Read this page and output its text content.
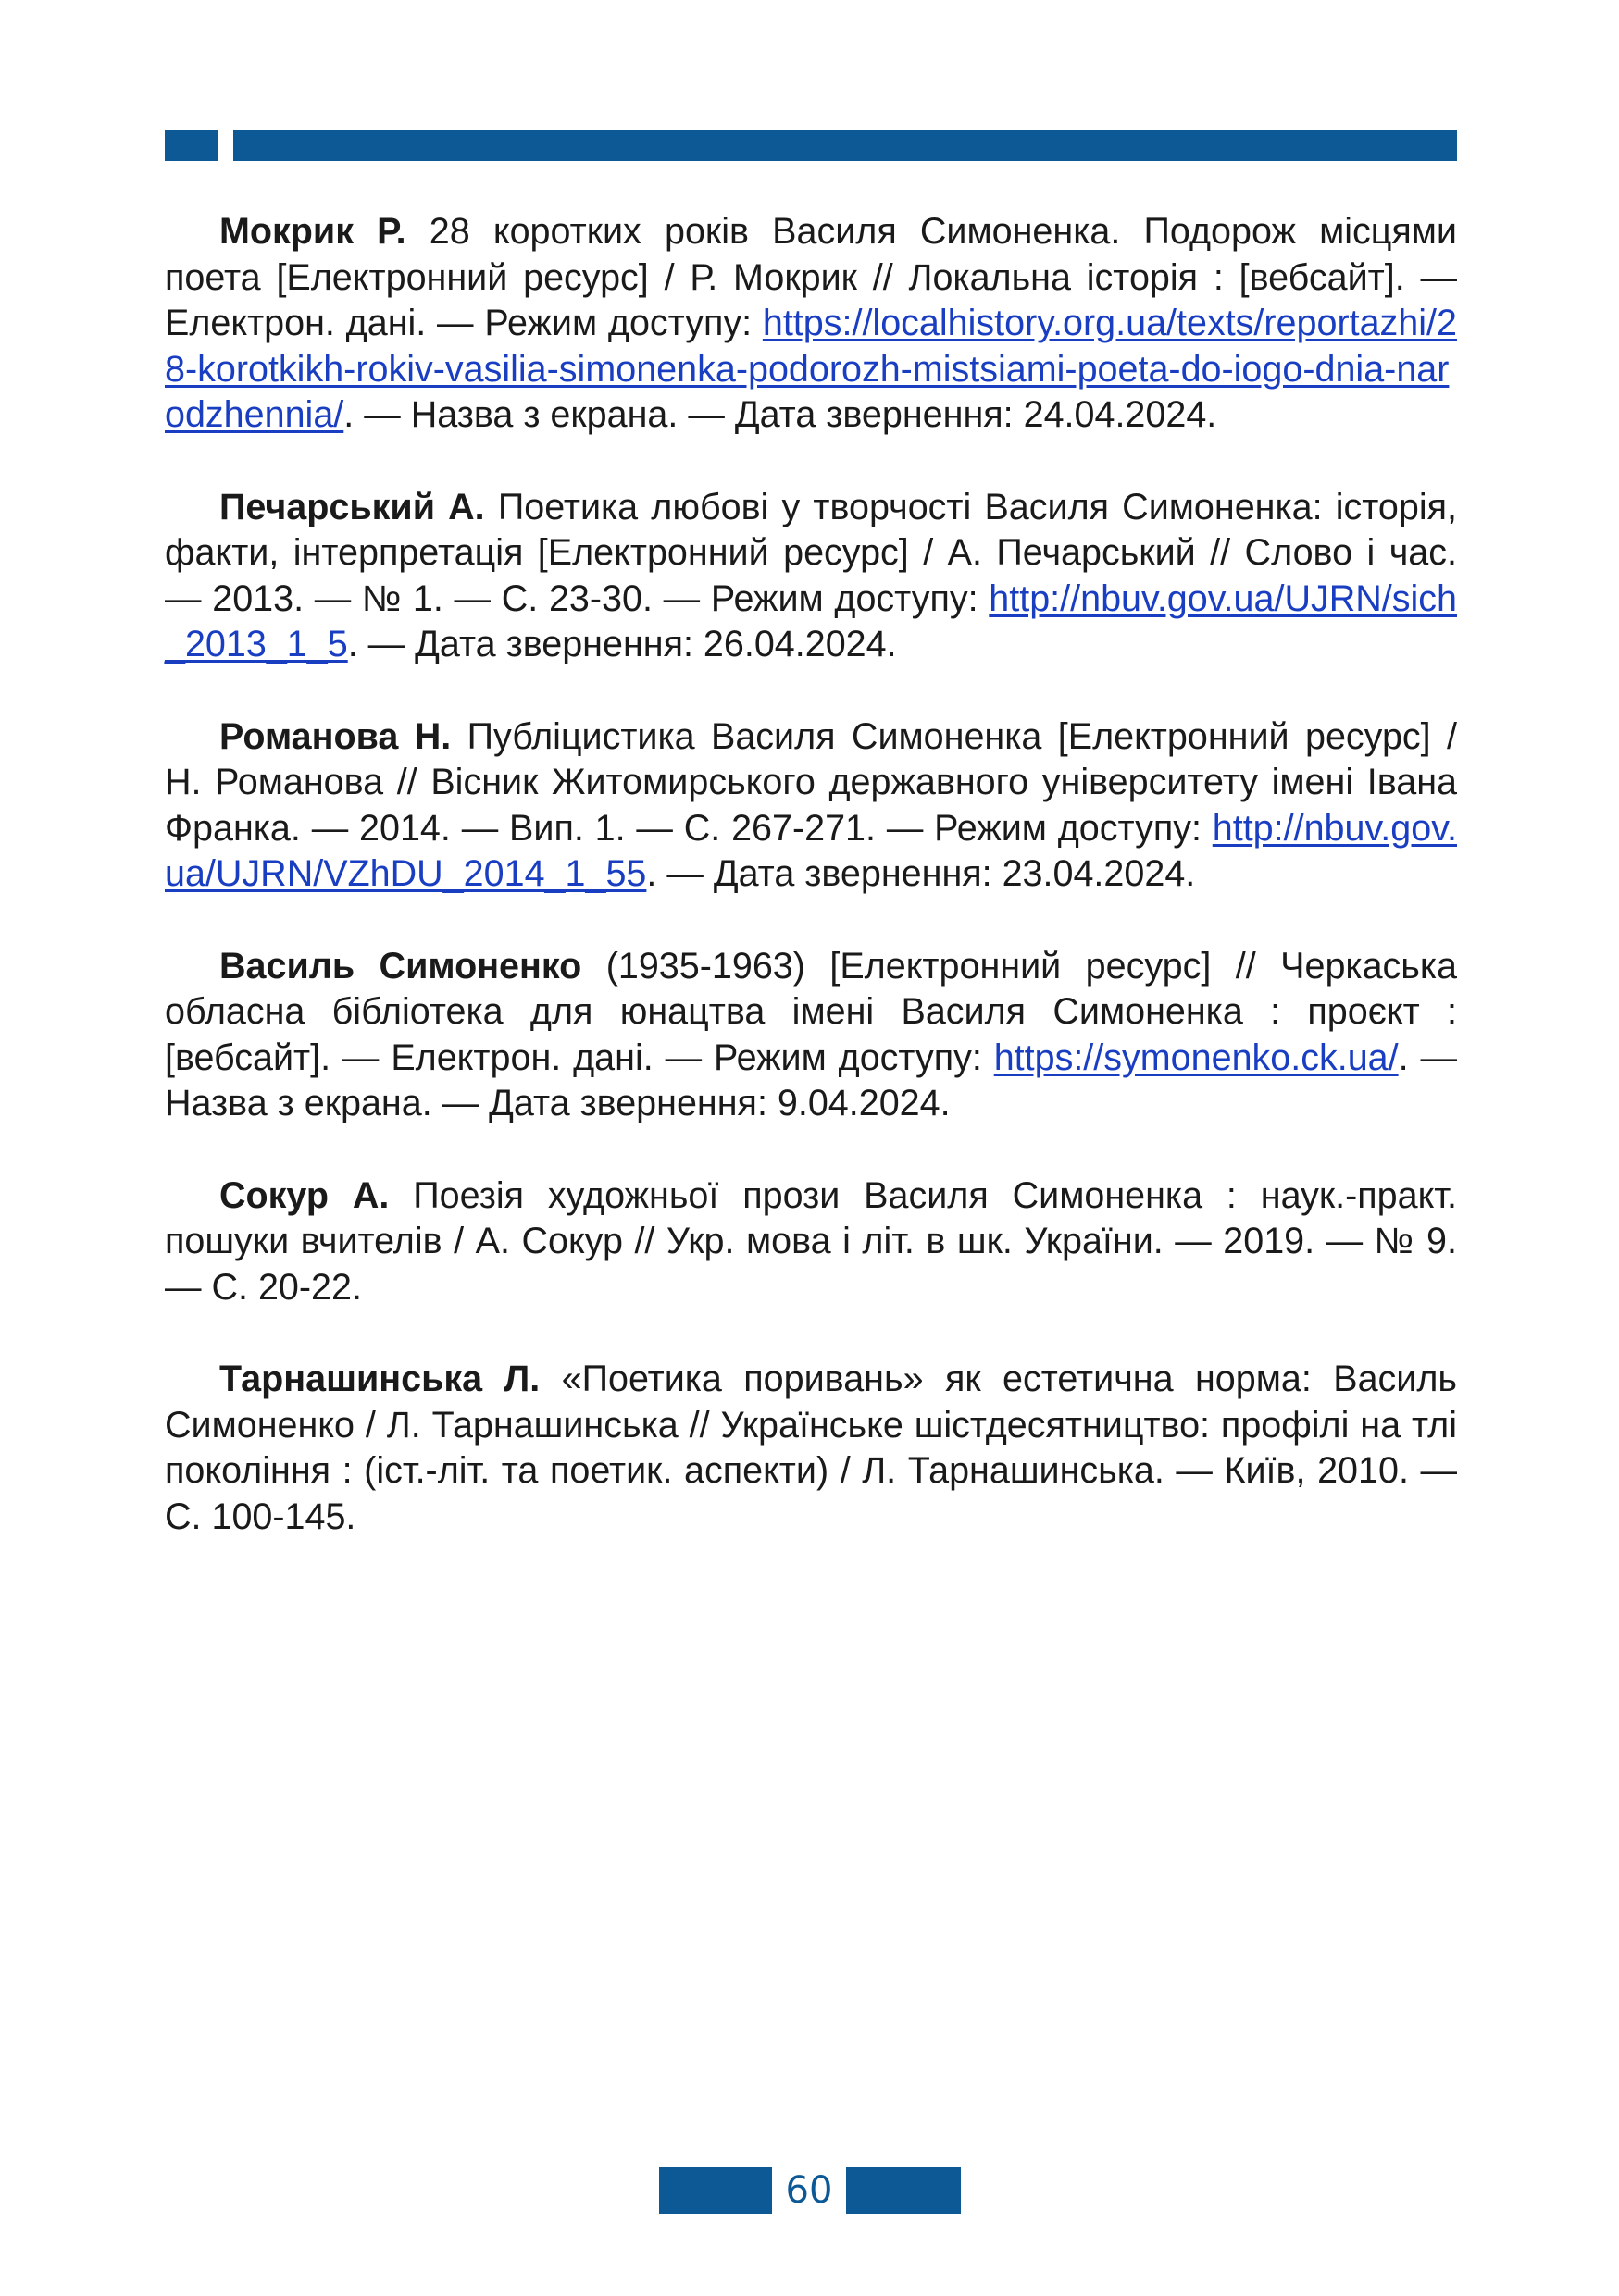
Мокрик Р. 28 коротких років Василя Симоненка. Подорож місцями поета [Електронний ресурс] / Р. Мокрик // Локальна історія : [вебсайт]. — Електрон. дані. — Режим доступу: https://localhistory.org.ua/texts/reportazhi/28-korotkikh-rokiv-vasilia-simonenka-podorozh-mistsiami-poeta-do-iogo-dnia-narodzhennia/. — Назва з екрана. — Дата звернення: 24.04.2024.

Печарський А. Поетика любові у творчості Василя Симоненка: історія, факти, інтерпретація [Електронний ресурс] / А. Печарський // Слово і час. — 2013. — № 1. — С. 23-30. — Режим доступу: http://nbuv.gov.ua/UJRN/sich_2013_1_5. — Дата звернення: 26.04.2024.

Романова Н. Публіцистика Василя Симоненка [Електронний ресурс] / Н. Романова // Вісник Житомирського державного університету імені Івана Франка. — 2014. — Вип. 1. — С. 267-271. — Режим доступу: http://nbuv.gov.ua/UJRN/VZhDU_2014_1_55. — Дата звернення: 23.04.2024.

Василь Симоненко (1935-1963) [Електронний ресурс] // Черкаська обласна бібліотека для юнацтва імені Василя Симоненка : проєкт : [вебсайт]. — Електрон. дані. — Режим доступу: https://symonenko.ck.ua/. — Назва з екрана. — Дата звернення: 9.04.2024.

Сокур А. Поезія художньої прози Василя Симоненка : наук.-практ. пошуки вчителів / А. Сокур // Укр. мова і літ. в шк. України. — 2019. — № 9. — С. 20-22.

Тарнашинська Л. «Поетика поривань» як естетична норма: Василь Симоненко / Л. Тарнашинська // Українське шістдесятництво: профілі на тлі покоління : (іст.-літ. та поетик. аспекти) / Л. Тарнашинська. — Київ, 2010. — С. 100-145.

60
